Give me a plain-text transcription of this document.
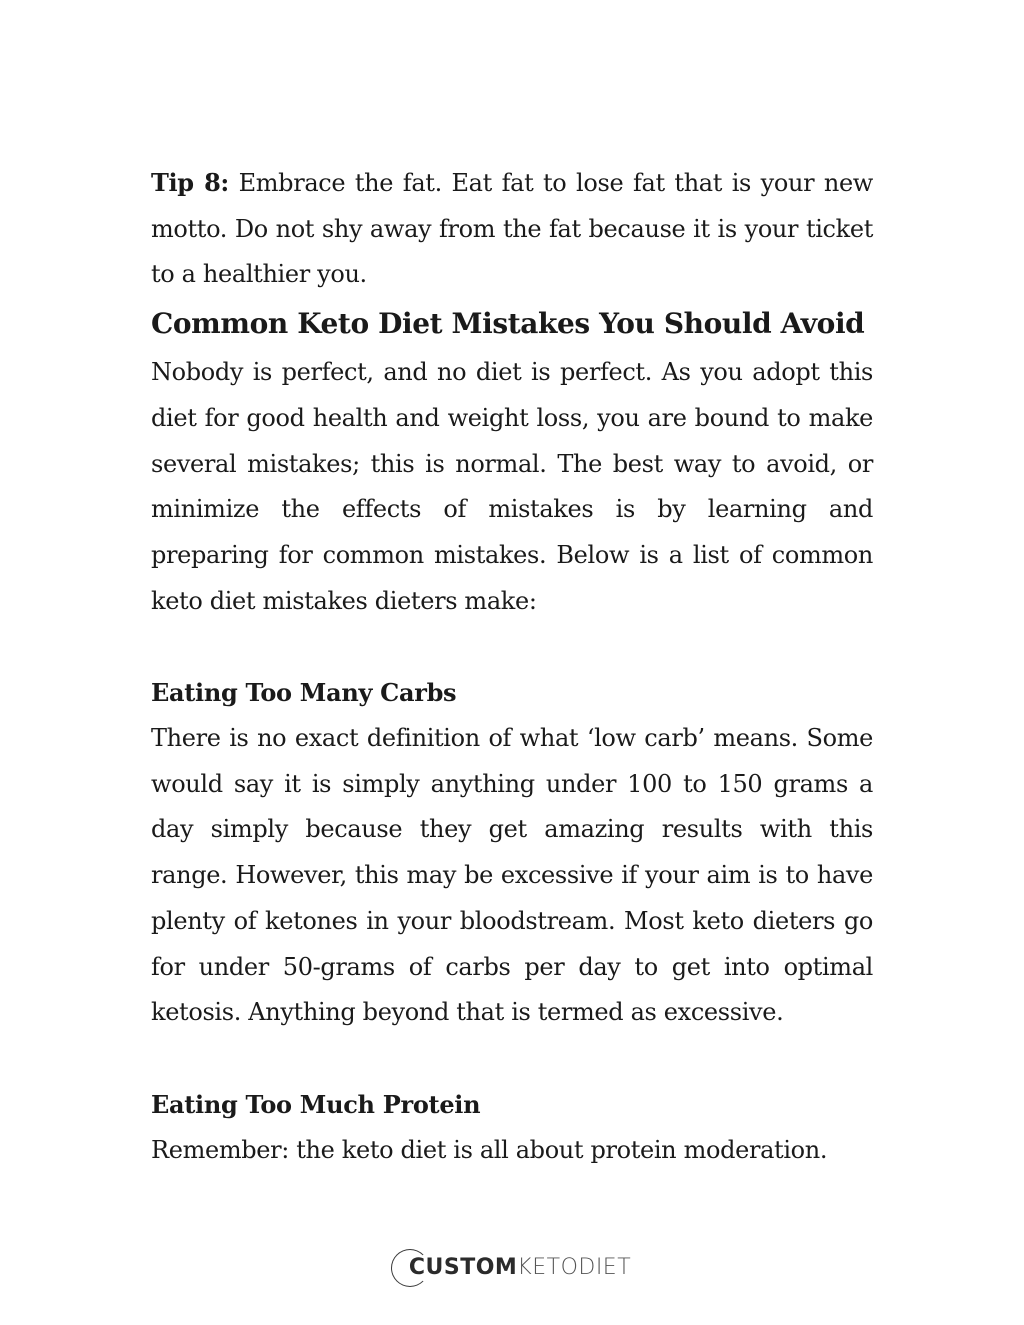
Tip 8: Embrace the fat. Eat fat to lose fat that is your new motto. Do not shy away from the fat because it is your ticket to a healthier you.

Common Keto Diet Mistakes You Should Avoid

Nobody is perfect, and no diet is perfect. As you adopt this diet for good health and weight loss, you are bound to make several mistakes; this is normal. The best way to avoid, or minimize the effects of mistakes is by learning and preparing for common mistakes. Below is a list of common keto diet mistakes dieters make:

Eating Too Many Carbs

There is no exact definition of what ‘low carb’ means. Some would say it is simply anything under 100 to 150 grams a day simply because they get amazing results with this range. However, this may be excessive if your aim is to have plenty of ketones in your bloodstream. Most keto dieters go for under 50-grams of carbs per day to get into optimal ketosis. Anything beyond that is termed as excessive.

Eating Too Much Protein

Remember: the keto diet is all about protein moderation.

CUSTOM KETODIET
